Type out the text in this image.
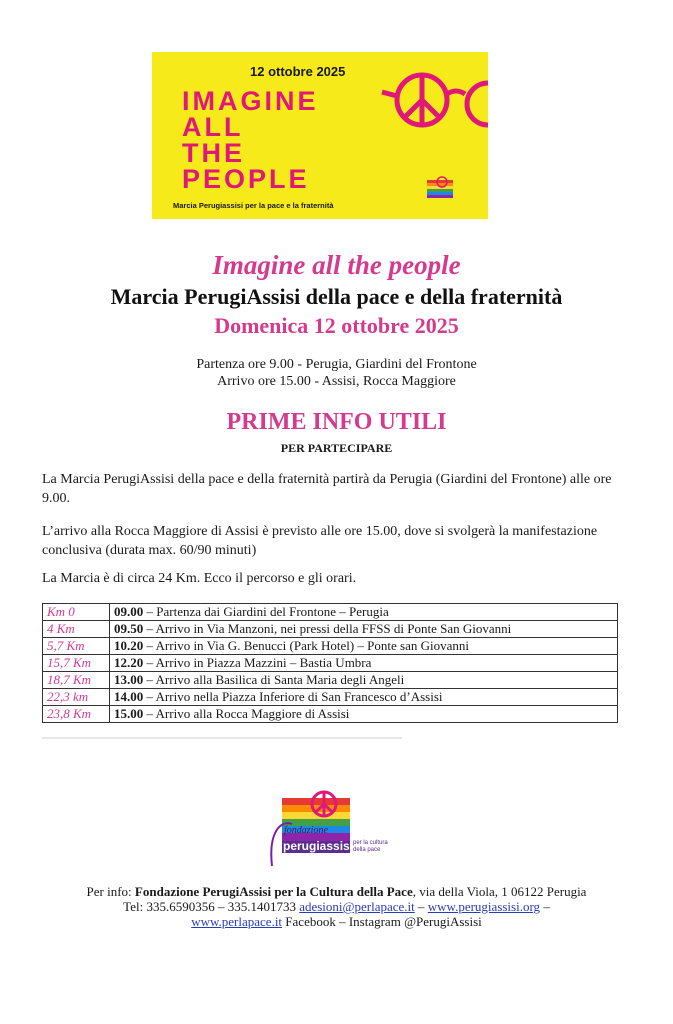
12 ottobre 2025
IMAGINE
ALL
THE
PEOPLE
Marcia Perugiassisi per la pace e la fraternità
Imagine all the people
Marcia PerugiAssisi della pace e della fraternità
Domenica 12 ottobre 2025
Partenza ore 9.00 - Perugia, Giardini del Frontone
Arrivo ore 15.00 - Assisi, Rocca Maggiore
PRIME INFO UTILI
PER PARTECIPARE
La Marcia PerugiAssisi della pace e della fraternità partirà da Perugia (Giardini del Frontone) alle ore 9.00.
L’arrivo alla Rocca Maggiore di Assisi è previsto alle ore 15.00, dove si svolgerà la manifestazione conclusiva (durata max. 60/90 minuti)
La Marcia è di circa 24 Km. Ecco il percorso e gli orari.
Km 0	09.00 – Partenza dai Giardini del Frontone – Perugia
4 Km	09.50 – Arrivo in Via Manzoni, nei pressi della FFSS di Ponte San Giovanni
5,7 Km	10.20 – Arrivo in Via G. Benucci (Park Hotel) – Ponte san Giovanni
15,7 Km	12.20 – Arrivo in Piazza Mazzini – Bastia Umbra
18,7 Km	13.00 – Arrivo alla Basilica di Santa Maria degli Angeli
22,3 km	14.00 – Arrivo nella Piazza Inferiore di San Francesco d’Assisi
23,8 Km	15.00 – Arrivo alla Rocca Maggiore di Assisi
fondazione
perugiassisi per la cultura
della pace
Per info: Fondazione PerugiAssisi per la Cultura della Pace, via della Viola, 1 06122 Perugia
Tel: 335.6590356 – 335.1401733 adesioni@perlapace.it – www.perugiassisi.org –
www.perlapace.it Facebook – Instagram @PerugiAssisi
